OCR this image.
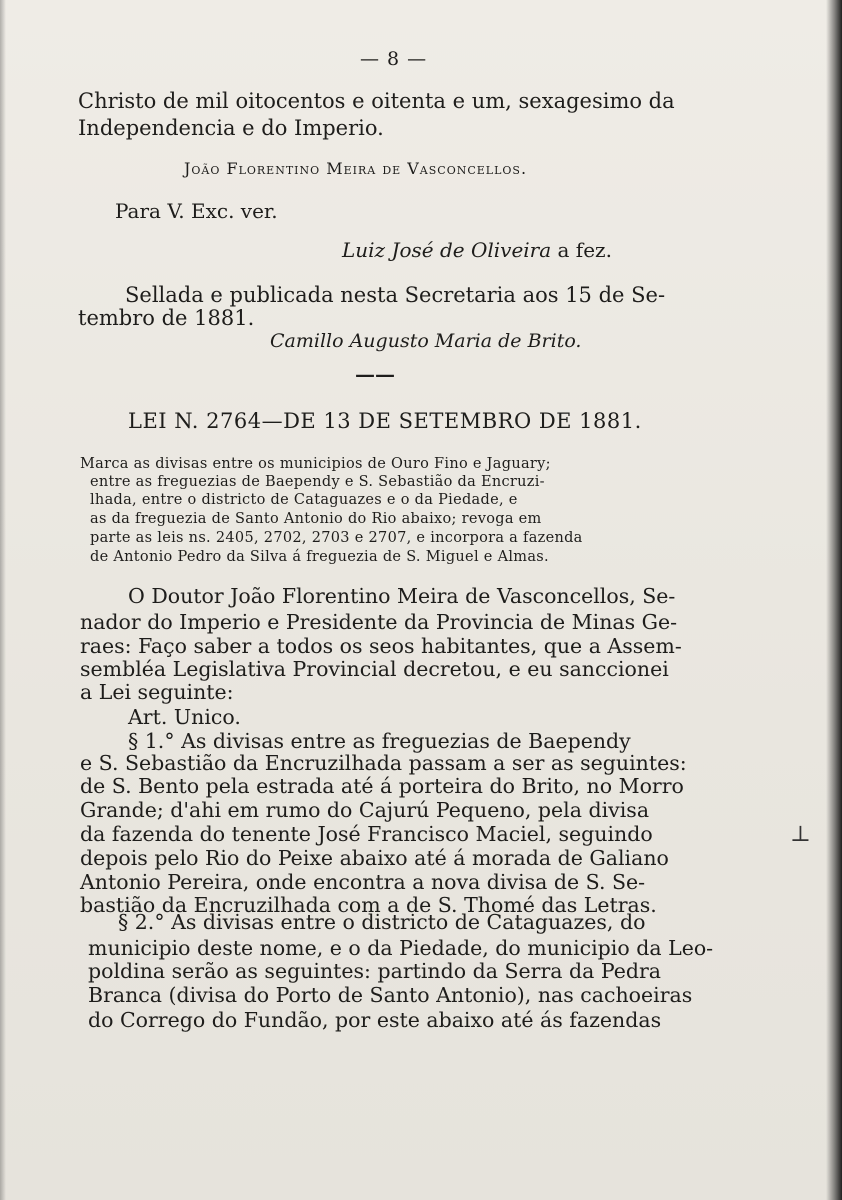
— 8 —
Christo de mil oitocentos e oitenta e um, sexagesimo da
Independencia e do Imperio.
João Florentino Meira de Vasconcellos.
Para V. Exc. ver.
Luiz José de Oliveira a fez.
Sellada e publicada nesta Secretaria aos 15 de Se-
tembro de 1881.
Camillo Augusto Maria de Brito.
——
LEI N. 2764—DE 13 DE SETEMBRO DE 1881.
Marca as divisas entre os municipios de Ouro Fino e Jaguary;
entre as freguezias de Baependy e S. Sebastião da Encruzi-
lhada, entre o districto de Cataguazes e o da Piedade, e
as da freguezia de Santo Antonio do Rio abaixo; revoga em
parte as leis ns. 2405, 2702, 2703 e 2707, e incorpora a fazenda
de Antonio Pedro da Silva á freguezia de S. Miguel e Almas.
O Doutor João Florentino Meira de Vasconcellos, Se-
nador do Imperio e Presidente da Provincia de Minas Ge-
raes: Faço saber a todos os seos habitantes, que a Assem-
sembléa Legislativa Provincial decretou, e eu sanccionei
a Lei seguinte:
Art. Unico.
§ 1.° As divisas entre as freguezias de Baependy
e S. Sebastião da Encruzilhada passam a ser as seguintes:
de S. Bento pela estrada até á porteira do Brito, no Morro
Grande; d'ahi em rumo do Cajurú Pequeno, pela divisa
da fazenda do tenente José Francisco Maciel, seguindo
depois pelo Rio do Peixe abaixo até á morada de Galiano
Antonio Pereira, onde encontra a nova divisa de S. Se-
bastião da Encruzilhada com a de S. Thomé das Letras.
§ 2.° As divisas entre o districto de Cataguazes, do
municipio deste nome, e o da Piedade, do municipio da Leo-
poldina serão as seguintes: partindo da Serra da Pedra
Branca (divisa do Porto de Santo Antonio), nas cachoeiras
do Corrego do Fundão, por este abaixo até ás fazendas
⊥
